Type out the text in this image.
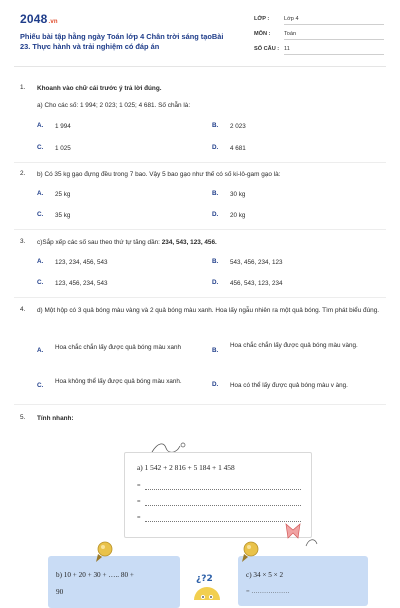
2048.vn
Phiếu bài tập hằng ngày Toán lớp 4 Chân trời sáng tạoBài 23. Thực hành và trải nghiệm có đáp án
LỚP :	Lớp 4
MÔN : Toán
SỐ CÂU : 11
1. Khoanh vào chữ cái trước ý trả lời đúng.
a) Cho các số: 1 994; 2 023; 1 025; 4 681. Số chẵn là:
A. 1 994	B. 2 023
C. 1 025	D. 4 681
2. b) Có 35 kg gạo đựng đều trong 7 bao. Vậy 5 bao gạo như thế có số ki-lô-gam gạo là:
A. 25 kg	B. 30 kg
C. 35 kg	D. 20 kg
3. c)Sắp xếp các số sau theo thứ tự tăng dần: 234, 543, 123, 456.
A. 123, 234, 456, 543	B. 543, 456, 234, 123
C. 123, 456, 234, 543	D. 456, 543, 123, 234
4. d) Một hộp có 3 quả bóng màu vàng và 2 quả bóng màu xanh. Hoa lấy ngẫu nhiên ra một quả bóng. Tìm phát biểu đúng.
A. Hoa chắc chắn lấy được quả bóng màu xanh	B.
Hoa chắc chắn lấy được quả bóng màu vàng.
C.
Hoa không thể lấy được quả bóng màu xanh.	D. Hoa có thể lấy được quả bóng màu v àng.
5. Tính nhanh:
a) 1 542 + 2 816 + 5 184 + 1 458
=
=
=
b) 10 + 20 + 30 + ….. 80 +
90
¿?2	c) 34 × 5 × 2
= ………………
